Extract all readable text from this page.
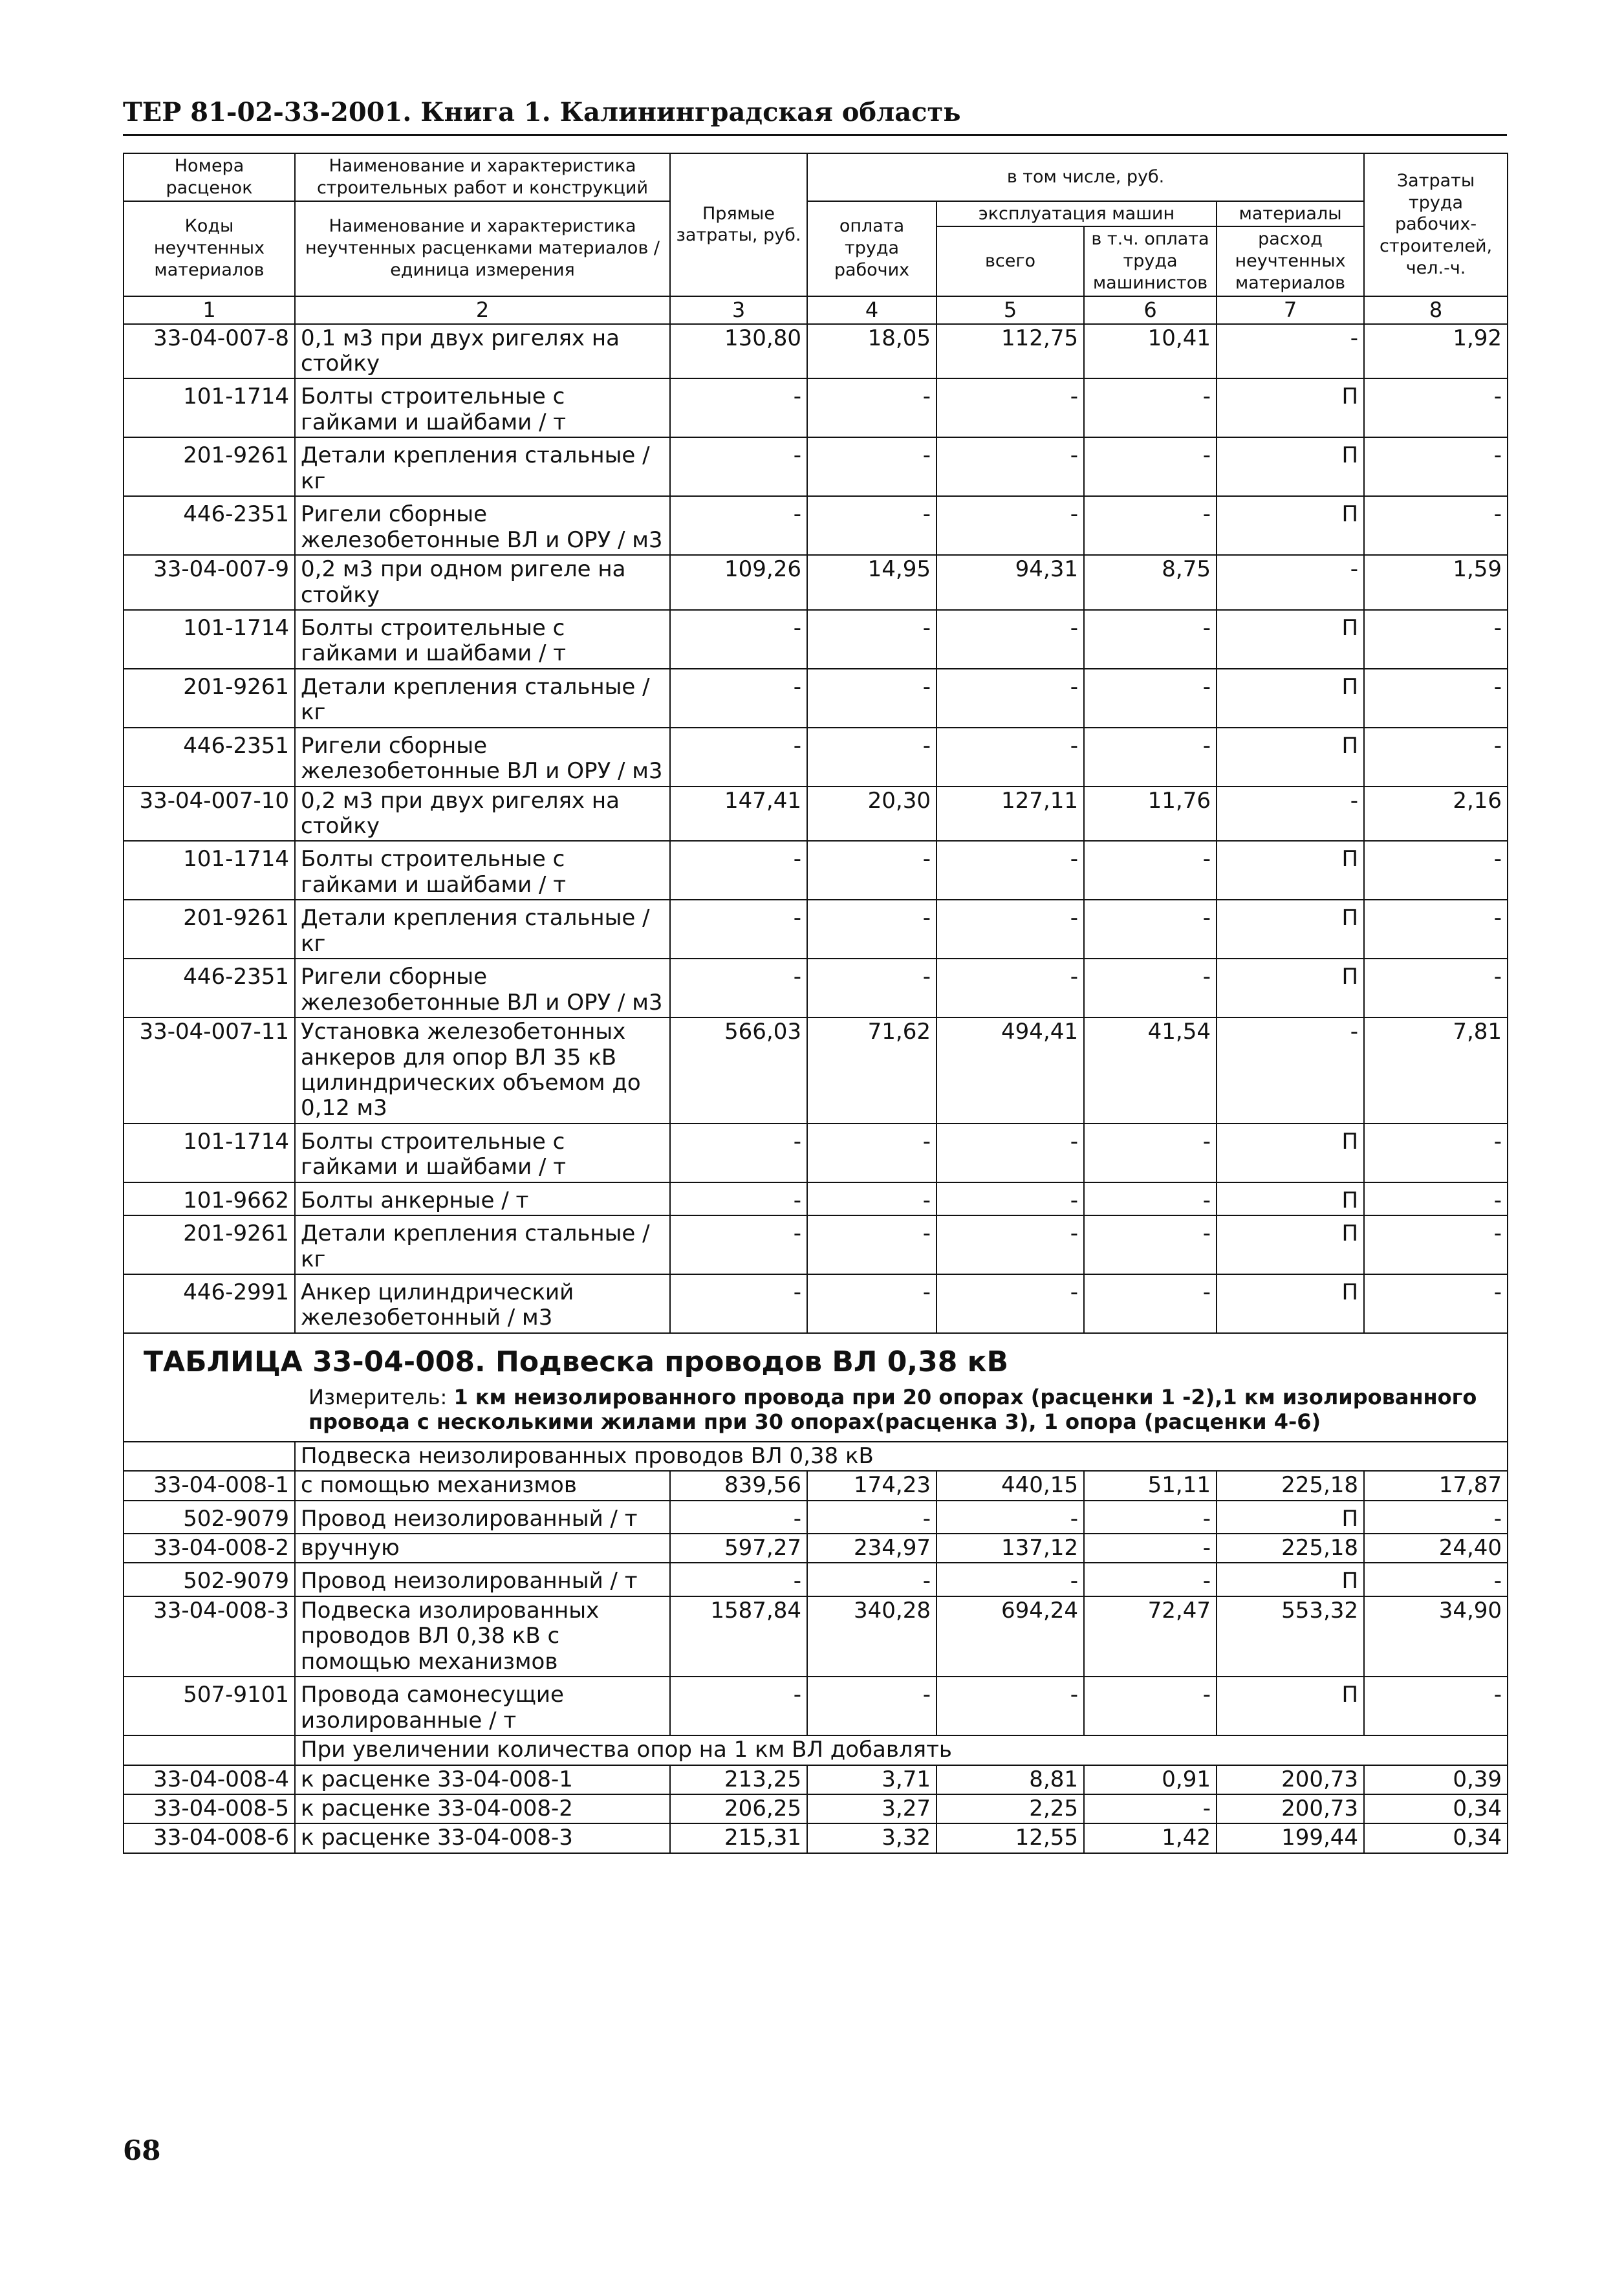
ТЕР 81-02-33-2001. Книга 1. Калининградская область
Номера расценок	Наименование и характеристика строительных работ и конструкций	Прямые затраты, руб.	в том числе, руб.				Затраты труда рабочих-строителей, чел.-ч.
Коды неучтенных материалов	Наименование и характеристика неучтенных расценками материалов / единица измерения		оплата труда рабочих	эксплуатация машин		материалы	
				всего	в т.ч. оплата труда машинистов	расход неучтенных материалов	
1	2	3	4	5	6	7	8
33-04-007-8	0,1 м3 при двух ригелях на стойку	130,80	18,05	112,75	10,41	-	1,92
101-1714	Болты строительные с гайками и шайбами / т	-	-	-	-	П	-
201-9261	Детали крепления стальные / кг	-	-	-	-	П	-
446-2351	Ригели сборные железобетонные ВЛ и ОРУ / м3	-	-	-	-	П	-
33-04-007-9	0,2 м3 при одном ригеле на стойку	109,26	14,95	94,31	8,75	-	1,59
101-1714	Болты строительные с гайками и шайбами / т	-	-	-	-	П	-
201-9261	Детали крепления стальные / кг	-	-	-	-	П	-
446-2351	Ригели сборные железобетонные ВЛ и ОРУ / м3	-	-	-	-	П	-
33-04-007-10	0,2 м3 при двух ригелях на стойку	147,41	20,30	127,11	11,76	-	2,16
101-1714	Болты строительные с гайками и шайбами / т	-	-	-	-	П	-
201-9261	Детали крепления стальные / кг	-	-	-	-	П	-
446-2351	Ригели сборные железобетонные ВЛ и ОРУ / м3	-	-	-	-	П	-
33-04-007-11	Установка железобетонных анкеров для опор ВЛ 35 кВ цилиндрических объемом до 0,12 м3	566,03	71,62	494,41	41,54	-	7,81
101-1714	Болты строительные с гайками и шайбами / т	-	-	-	-	П	-
101-9662	Болты анкерные / т	-	-	-	-	П	-
201-9261	Детали крепления стальные / кг	-	-	-	-	П	-
446-2991	Анкер цилиндрический железобетонный / м3	-	-	-	-	П	-

ТАБЛИЦА 33-04-008. Подвеска проводов ВЛ 0,38 кВ
Измеритель: 1 км неизолированного провода при 20 опорах (расценки 1 -2),1 км изолированного провода с несколькими жилами при 30 опорах(расценка 3), 1 опора (расценки 4-6)							

	Подвеска неизолированных проводов ВЛ 0,38 кВ						
33-04-008-1	с помощью механизмов	839,56	174,23	440,15	51,11	225,18	17,87
502-9079	Провод неизолированный / т	-	-	-	-	П	-
33-04-008-2	вручную	597,27	234,97	137,12	-	225,18	24,40
502-9079	Провод неизолированный / т	-	-	-	-	П	-
33-04-008-3	Подвеска изолированных проводов ВЛ 0,38 кВ с помощью механизмов	1587,84	340,28	694,24	72,47	553,32	34,90
507-9101	Провода самонесущие изолированные / т	-	-	-	-	П	-
	При увеличении количества опор на 1 км ВЛ добавлять						
33-04-008-4	к расценке 33-04-008-1	213,25	3,71	8,81	0,91	200,73	0,39
33-04-008-5	к расценке 33-04-008-2	206,25	3,27	2,25	-	200,73	0,34
33-04-008-6	к расценке 33-04-008-3	215,31	3,32	12,55	1,42	199,44	0,34
68
